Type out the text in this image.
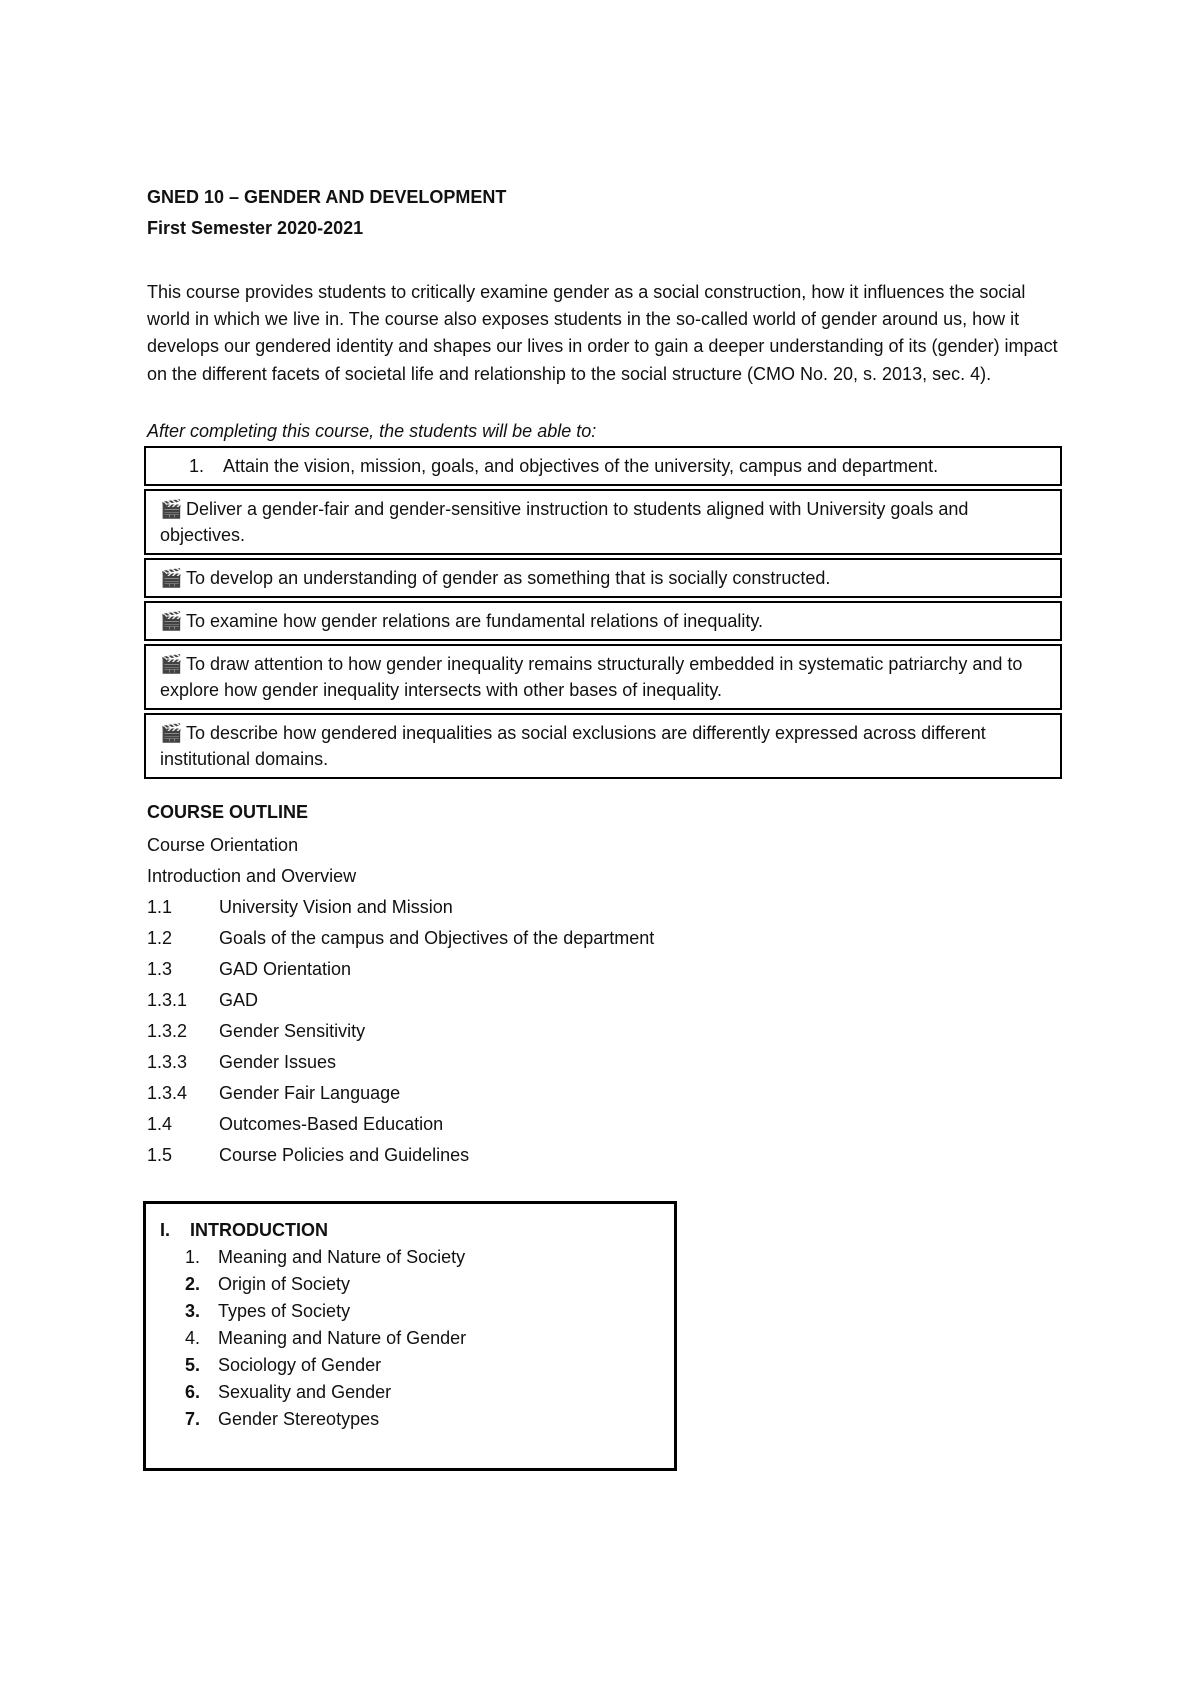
GNED 10 – GENDER AND DEVELOPMENT
First Semester 2020-2021
This course provides students to critically examine gender as a social construction, how it influences the social world in which we live in. The course also exposes students in the so-called world of gender around us, how it develops our gendered identity and shapes our lives in order to gain a deeper understanding of its (gender) impact on the different facets of societal life and relationship to the social structure (CMO No. 20, s. 2013, sec. 4).
After completing this course, the students will be able to:
1. Attain the vision, mission, goals, and objectives of the university, campus and department.
🎬 Deliver a gender-fair and gender-sensitive instruction to students aligned with University goals and objectives.
🎬 To develop an understanding of gender as something that is socially constructed.
🎬 To examine how gender relations are fundamental relations of inequality.
🎬 To draw attention to how gender inequality remains structurally embedded in systematic patriarchy and to explore how gender inequality intersects with other bases of inequality.
🎬 To describe how gendered inequalities as social exclusions are differently expressed across different institutional domains.
COURSE OUTLINE
Course Orientation
Introduction and Overview
1.1	University Vision and Mission
1.2	Goals of the campus and Objectives of the department
1.3	GAD Orientation
1.3.1 GAD
1.3.2 Gender Sensitivity
1.3.3 Gender Issues
1.3.4 Gender Fair Language
1.4	Outcomes-Based Education
1.5	Course Policies and Guidelines
I. INTRODUCTION
1. Meaning and Nature of Society
2. Origin of Society
3. Types of Society
4. Meaning and Nature of Gender
5. Sociology of Gender
6. Sexuality and Gender
7. Gender Stereotypes
